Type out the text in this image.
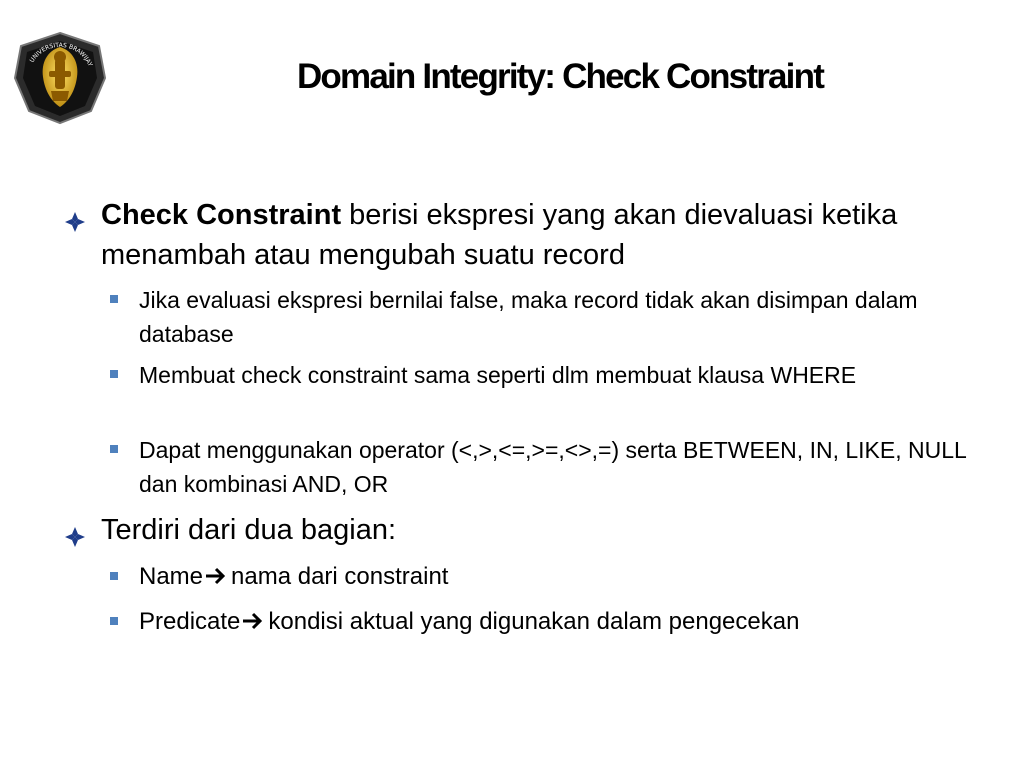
UNIVERSITAS BRAWIJAY	Domain Integrity: Check Constraint
Check Constraint berisi ekspresi yang akan dievaluasi ketika menambah atau mengubah suatu record
Jika evaluasi ekspresi bernilai false, maka record tidak akan disimpan dalam database
Membuat check constraint sama seperti dlm membuat klausa WHERE
Dapat menggunakan operator (<,>,<=,>=,<>,=) serta BETWEEN, IN, LIKE, NULL dan kombinasi AND, OR
Terdiri dari dua bagian:
Name nama dari constraint
Predicate kondisi aktual yang digunakan dalam pengecekan
